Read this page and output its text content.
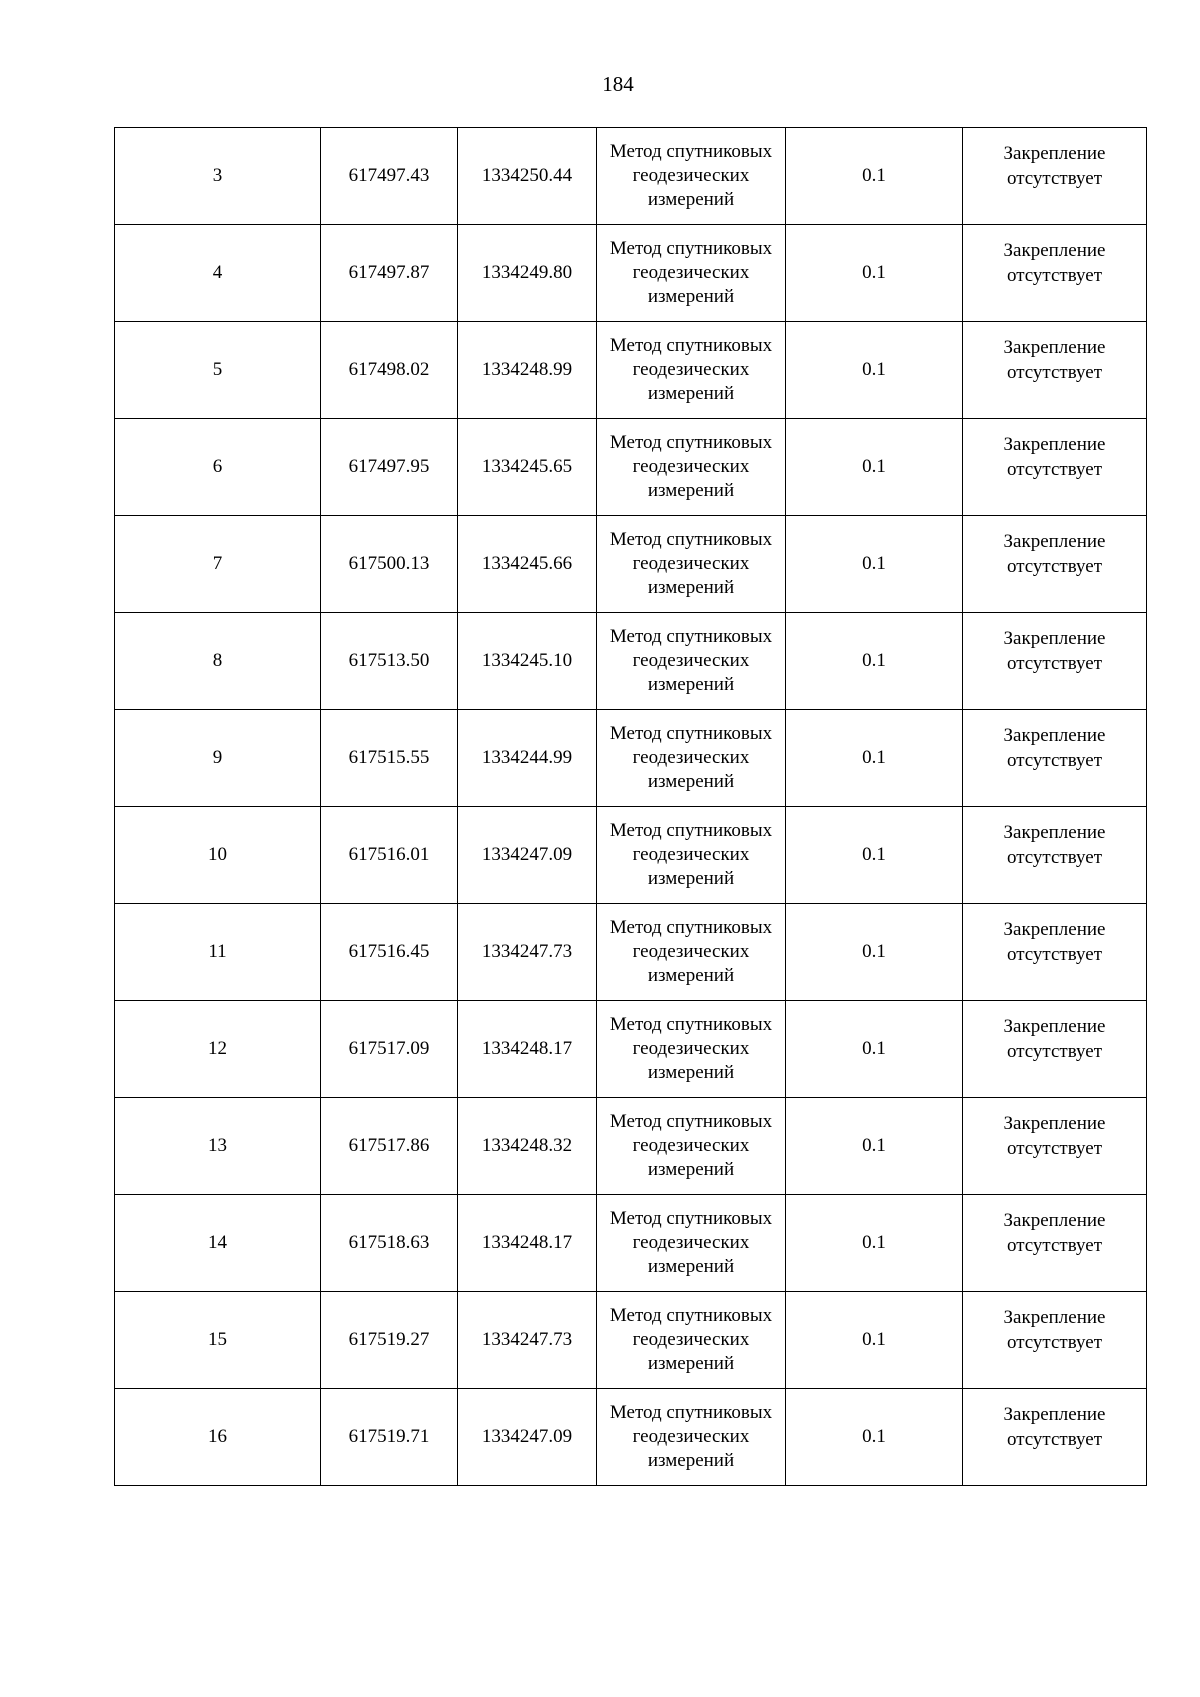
184
3	617497.43	1334250.44	Метод спутниковых геодезических измерений	0.1	Закрепление отсутствует
4	617497.87	1334249.80	Метод спутниковых геодезических измерений	0.1	Закрепление отсутствует
5	617498.02	1334248.99	Метод спутниковых геодезических измерений	0.1	Закрепление отсутствует
6	617497.95	1334245.65	Метод спутниковых геодезических измерений	0.1	Закрепление отсутствует
7	617500.13	1334245.66	Метод спутниковых геодезических измерений	0.1	Закрепление отсутствует
8	617513.50	1334245.10	Метод спутниковых геодезических измерений	0.1	Закрепление отсутствует
9	617515.55	1334244.99	Метод спутниковых геодезических измерений	0.1	Закрепление отсутствует
10	617516.01	1334247.09	Метод спутниковых геодезических измерений	0.1	Закрепление отсутствует
11	617516.45	1334247.73	Метод спутниковых геодезических измерений	0.1	Закрепление отсутствует
12	617517.09	1334248.17	Метод спутниковых геодезических измерений	0.1	Закрепление отсутствует
13	617517.86	1334248.32	Метод спутниковых геодезических измерений	0.1	Закрепление отсутствует
14	617518.63	1334248.17	Метод спутниковых геодезических измерений	0.1	Закрепление отсутствует
15	617519.27	1334247.73	Метод спутниковых геодезических измерений	0.1	Закрепление отсутствует
16	617519.71	1334247.09	Метод спутниковых геодезических измерений	0.1	Закрепление отсутствует
